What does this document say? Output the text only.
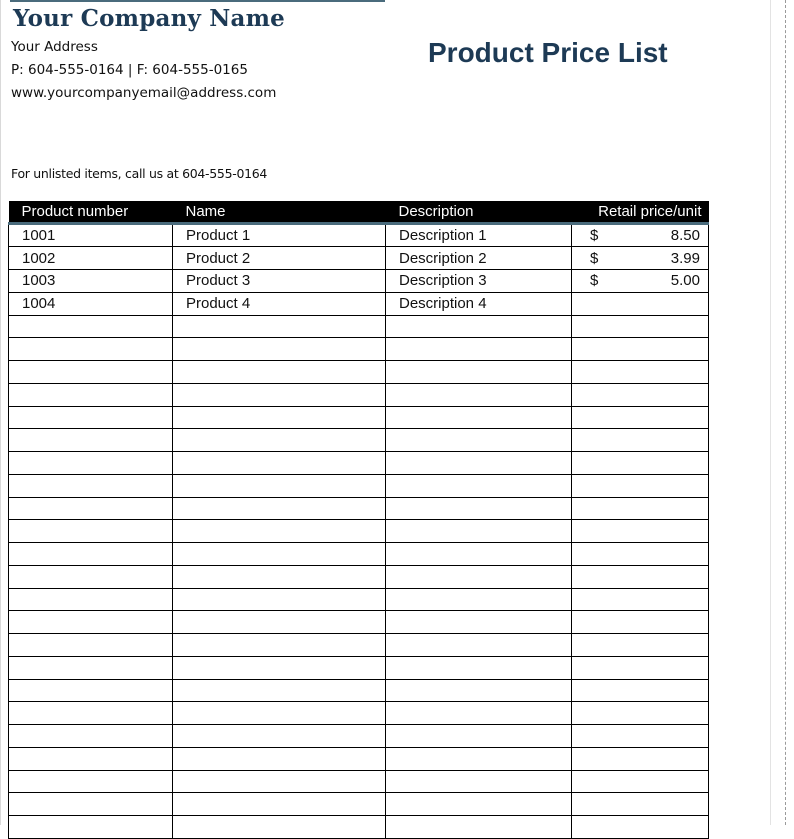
Your Company Name
Your Address
P: 604-555-0164 | F: 604-555-0165
www.yourcompanyemail@address.com
Product Price List
For unlisted items, call us at 604-555-0164
Product number	Name	Description	Retail price/unit
1001	Product 1	Description 1	$ 8.50

1002	Product 2	Description 2	$ 3.99

1003	Product 3	Description 3	$ 5.00

1004	Product 4	Description 4	
